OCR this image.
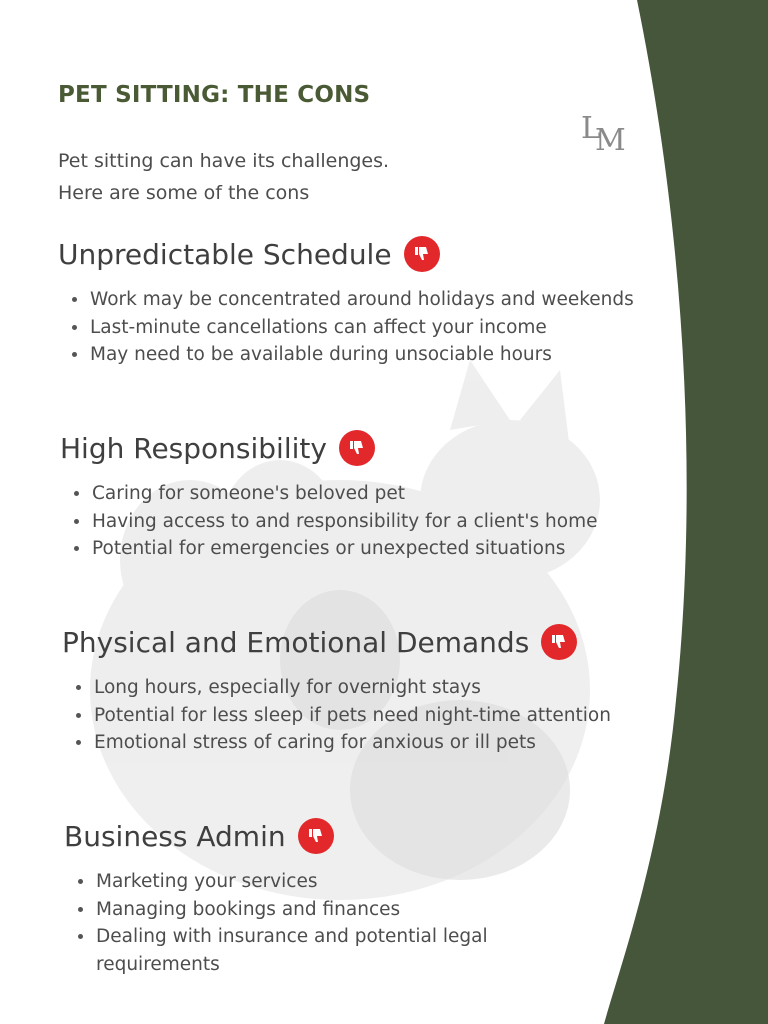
L
M
PET SITTING: THE CONS

Pet sitting can have its challenges.
Here are some of the cons

Unpredictable Schedule
• Work may be concentrated around holidays and weekends
• Last-minute cancellations can affect your income
• May need to be available during unsociable hours
High Responsibility
• Caring for someone's beloved pet
• Having access to and responsibility for a client's home
• Potential for emergencies or unexpected situations
Physical and Emotional Demands
• Long hours, especially for overnight stays
• Potential for less sleep if pets need night-time attention
• Emotional stress of caring for anxious or ill pets
Business Admin
• Marketing your services
• Managing bookings and finances
• Dealing with insurance and potential legal requirements
